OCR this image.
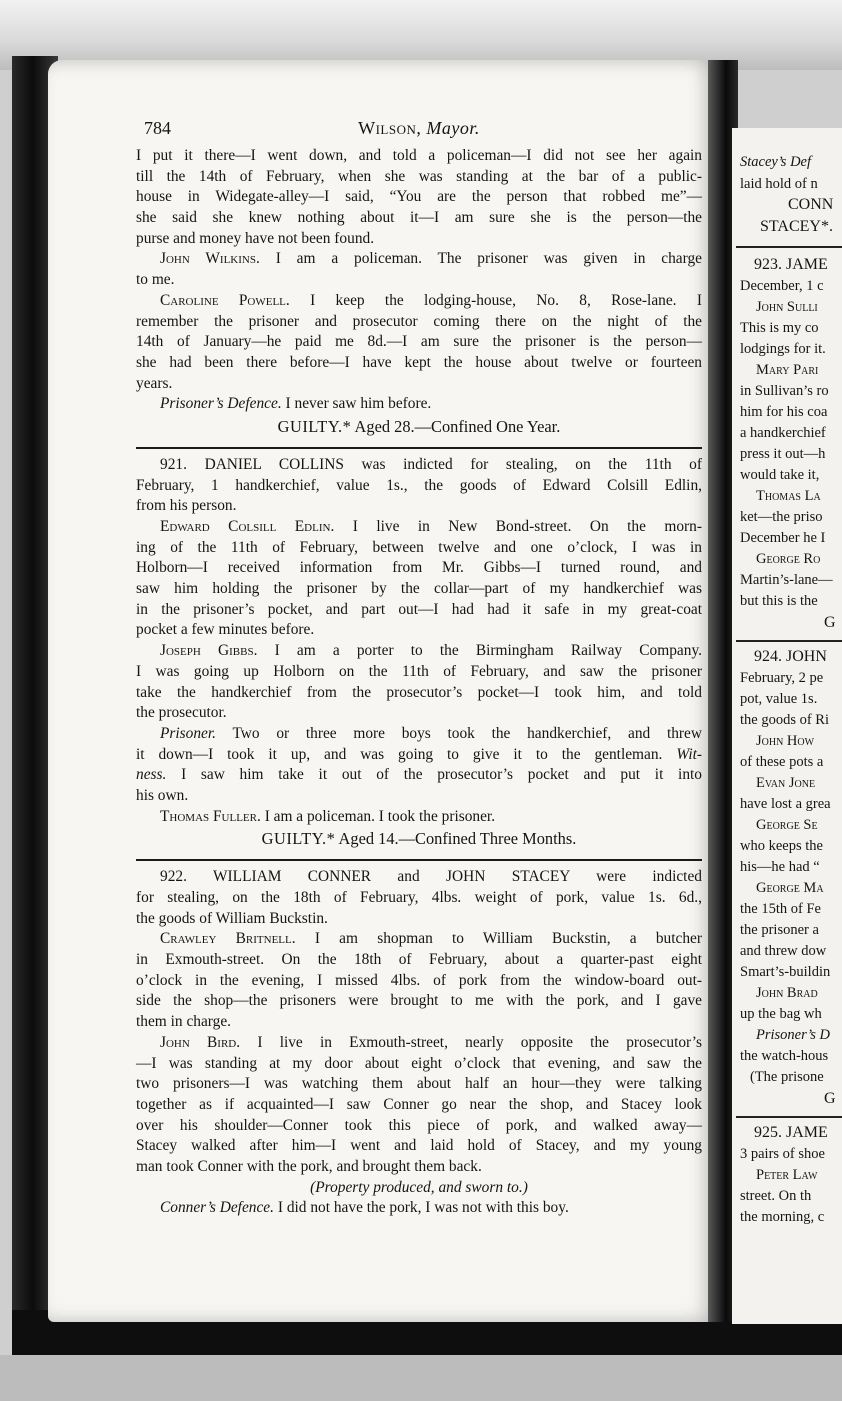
Stacey’s Def
laid hold of n
CONN
STACEY*.
923. JAME
December, 1 c
John Sulli
This is my co
lodgings for it.
Mary Pari
in Sullivan’s ro
him for his coa
a handkerchief
press it out—h
would take it,
Thomas La
ket—the priso
December he I
George Ro
Martin’s-lane—
but this is the
G
924. JOHN
February, 2 pe
pot, value 1s.
the goods of Ri
John How
of these pots a
Evan Jone
have lost a grea
George Se
who keeps the
his—he had “
George Ma
the 15th of Fe
the prisoner a
and threw dow
Smart’s-buildin
John Brad
up the bag wh
Prisoner’s D
the watch-hous
(The prisone
G
925. JAME
3 pairs of shoe
Peter Law
street. On th
the morning, c
784	Wilson, Mayor.
I put it there—I went down, and told a policeman—I did not see her again
till the 14th of February, when she was standing at the bar of a public-
house in Widegate-alley—I said, “You are the person that robbed me”—
she said she knew nothing about it—I am sure she is the person—the
purse and money have not been found.
John Wilkins. I am a policeman. The prisoner was given in charge
to me.
Caroline Powell. I keep the lodging-house, No. 8, Rose-lane. I
remember the prisoner and prosecutor coming there on the night of the
14th of January—he paid me 8d.—I am sure the prisoner is the person—
she had been there before—I have kept the house about twelve or fourteen
years.
Prisoner’s Defence. I never saw him before.
GUILTY.* Aged 28.—Confined One Year.
921. DANIEL COLLINS was indicted for stealing, on the 11th of
February, 1 handkerchief, value 1s., the goods of Edward Colsill Edlin,
from his person.
Edward Colsill Edlin. I live in New Bond-street. On the morn-
ing of the 11th of February, between twelve and one o’clock, I was in
Holborn—I received information from Mr. Gibbs—I turned round, and
saw him holding the prisoner by the collar—part of my handkerchief was
in the prisoner’s pocket, and part out—I had had it safe in my great-coat
pocket a few minutes before.
Joseph Gibbs. I am a porter to the Birmingham Railway Company.
I was going up Holborn on the 11th of February, and saw the prisoner
take the handkerchief from the prosecutor’s pocket—I took him, and told
the prosecutor.
Prisoner. Two or three more boys took the handkerchief, and threw
it down—I took it up, and was going to give it to the gentleman. Wit-
ness. I saw him take it out of the prosecutor’s pocket and put it into
his own.
Thomas Fuller. I am a policeman. I took the prisoner.
GUILTY.* Aged 14.—Confined Three Months.
922. WILLIAM CONNER and JOHN STACEY were indicted
for stealing, on the 18th of February, 4lbs. weight of pork, value 1s. 6d.,
the goods of William Buckstin.
Crawley Britnell. I am shopman to William Buckstin, a butcher
in Exmouth-street. On the 18th of February, about a quarter-past eight
o’clock in the evening, I missed 4lbs. of pork from the window-board out-
side the shop—the prisoners were brought to me with the pork, and I gave
them in charge.
John Bird. I live in Exmouth-street, nearly opposite the prosecutor’s
—I was standing at my door about eight o’clock that evening, and saw the
two prisoners—I was watching them about half an hour—they were talking
together as if acquainted—I saw Conner go near the shop, and Stacey look
over his shoulder—Conner took this piece of pork, and walked away—
Stacey walked after him—I went and laid hold of Stacey, and my young
man took Conner with the pork, and brought them back.
(Property produced, and sworn to.)
Conner’s Defence. I did not have the pork, I was not with this boy.
